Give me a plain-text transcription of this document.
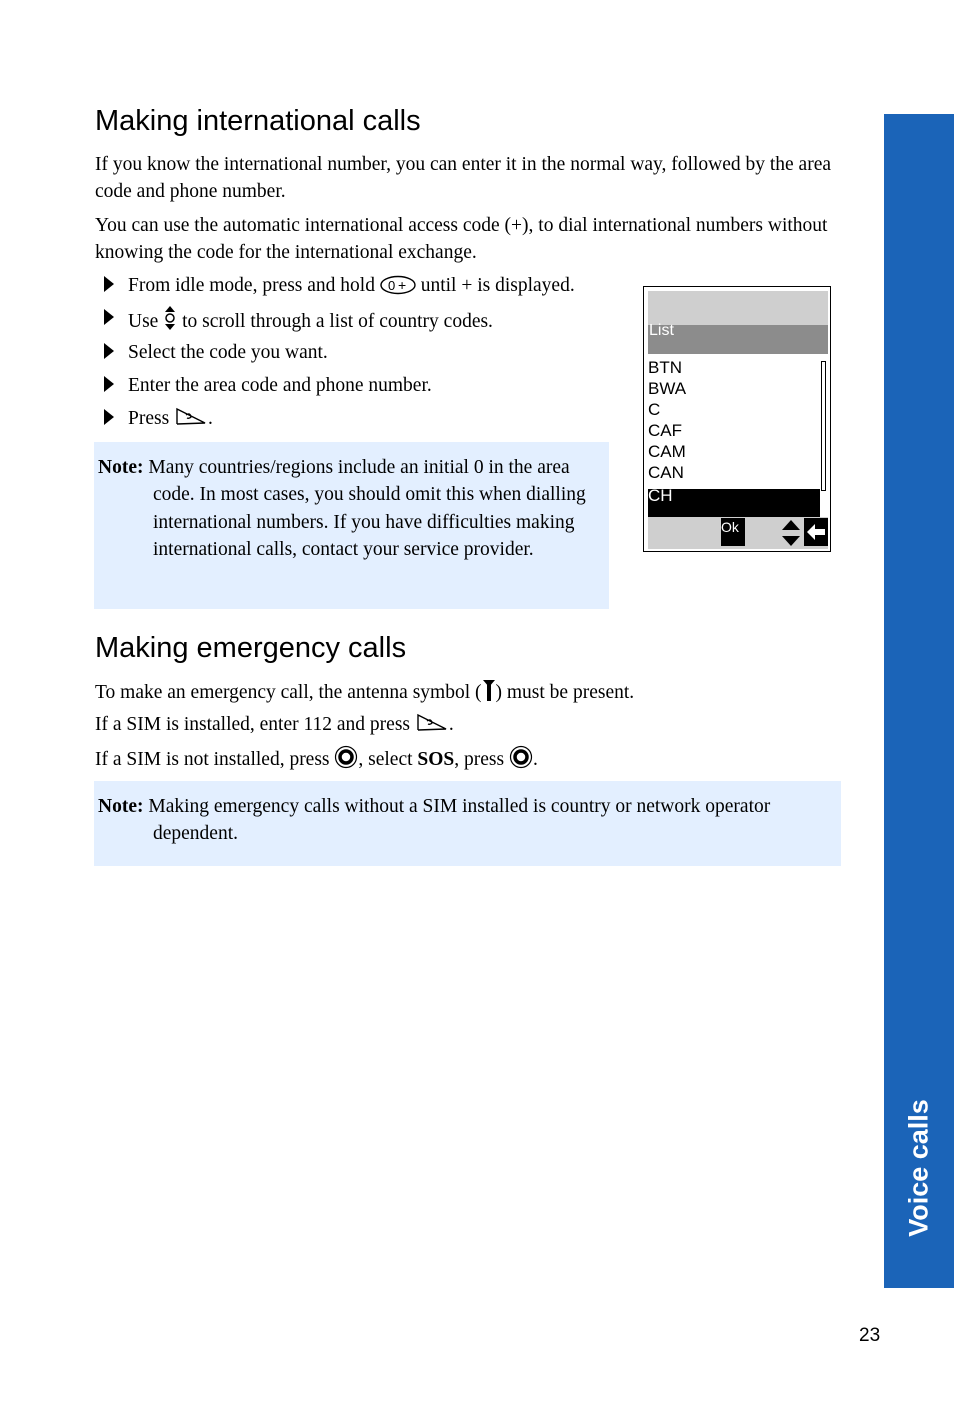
Making international calls

If you know the international number, you can enter it in the normal way, followed by the area code and phone number.

You can use the automatic international access code (+), to dial international numbers without knowing the code for the international exchange.

From idle mode, press and hold 0 + until + is displayed.
Use  to scroll through a list of country codes.
Select the code you want.
Enter the area code and phone number.
Press .
Note: Many countries/regions include an initial 0 in the area code. In most cases, you should omit this when dialling international numbers. If you have difficulties making international calls, contact your service provider.
List
BTN
BWA
C
CAF
CAM
CAN
CH
Ok
Making emergency calls

To make an emergency call, the antenna symbol ( ) must be present.

If a SIM is installed, enter 112 and press .

If a SIM is not installed, press , select SOS, press .

Note: Making emergency calls without a SIM installed is country or network operator dependent.
Voice calls
23
